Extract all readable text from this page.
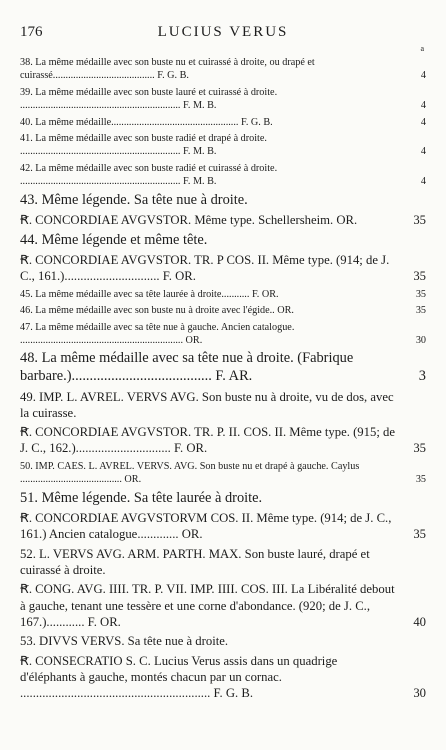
176	LUCIUS VERUS
a
38. La même médaille avec son buste nu et cuirassé à droite, ou drapé et cuirassé........................................ F. G. B.	4
39. La même médaille avec son buste lauré et cuirassé à droite. ............................................................... F. M. B.	4
40. La même médaille.................................................. F. G. B.	4
41. La même médaille avec son buste radié et drapé à droite. ............................................................... F. M. B.	4
42. La même médaille avec son buste radié et cuirassé à droite. ............................................................... F. M. B.	4
43. Même légende. Sa tête nue à droite.
Ꞧ. CONCORDIAE AVGVSTOR. Même type. Schellersheim. OR.	35
44. Même légende et même tête.
Ꞧ. CONCORDIAE AVGVSTOR. TR. P COS. II. Même type. (914; de J. C., 161.).............................. F. OR.	35
45. La même médaille avec sa tête laurée à droite........... F. OR.	35
46. La même médaille avec son buste nu à droite avec l'égide.. OR.	35
47. La même médaille avec sa tête nue à gauche. Ancien catalogue. ................................................................ OR.	30
48. La même médaille avec sa tête nue à droite. (Fabrique barbare.)....................................... F. AR.	3
49. IMP. L. AVREL. VERVS AVG. Son buste nu à droite, vu de dos, avec la cuirasse.
Ꞧ. CONCORDIAE AVGVSTOR. TR. P. II. COS. II. Même type. (915; de J. C., 162.).............................. F. OR.	35
50. IMP. CAES. L. AVREL. VERVS. AVG. Son buste nu et drapé à gauche. Caylus ........................................ OR.	35
51. Même légende. Sa tête laurée à droite.
Ꞧ. CONCORDIAE AVGVSTORVM COS. II. Même type. (914; de J. C., 161.) Ancien catalogue............. OR.	35
52. L. VERVS AVG. ARM. PARTH. MAX. Son buste lauré, drapé et cuirassé à droite.
Ꞧ. CONG. AVG. IIII. TR. P. VII. IMP. IIII. COS. III. La Libéralité debout à gauche, tenant une tessère et une corne d'abondance. (920; de J. C., 167.)............ F. OR.	40
53. DIVVS VERVS. Sa tête nue à droite.
Ꞧ. CONSECRATIO S. C. Lucius Verus assis dans un quadrige d'éléphants à gauche, montés chacun par un cornac. ............................................................ F. G. B.	30
